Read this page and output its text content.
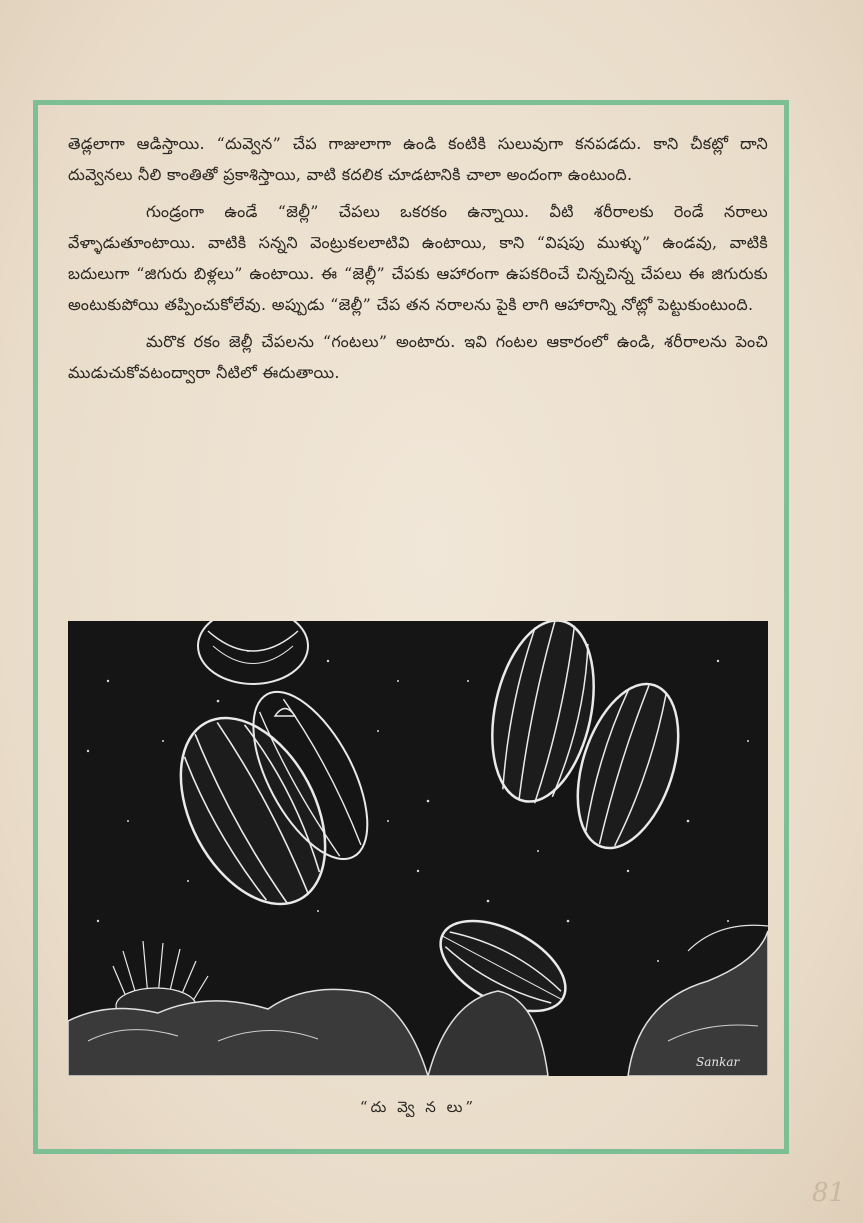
తెడ్లలాగా ఆడిస్తాయి. “దువ్వెన” చేప గాజులాగా ఉండి కంటికి సులువుగా కనపడదు. కాని చీకట్లో దాని దువ్వెనలు నీలి కాంతితో ప్రకాశిస్తాయి, వాటి కదలిక చూడటానికి చాలా అందంగా ఉంటుంది.

గుండ్రంగా ఉండే “జెల్లీ” చేపలు ఒకరకం ఉన్నాయి. వీటి శరీరాలకు రెండే నరాలు వేళ్ళాడుతూంటాయి. వాటికి సన్నని వెంట్రుకలలాటివి ఉంటాయి, కాని “విషపు ముళ్ళు” ఉండవు, వాటికి బదులుగా “జిగురు బిళ్లలు” ఉంటాయి. ఈ “జెల్లీ” చేపకు ఆహారంగా ఉపకరించే చిన్నచిన్న చేపలు ఈ జిగురుకు అంటుకుపోయి తప్పించుకోలేవు. అప్పుడు “జెల్లీ” చేప తన నరాలను పైకి లాగి ఆహారాన్ని నోట్లో పెట్టుకుంటుంది.

మరొక రకం జెల్లీ చేపలను “గంటలు” అంటారు. ఇవి గంటల ఆకారంలో ఉండి, శరీరాలను పెంచి ముడుచుకోవటంద్వారా నీటిలో ఈదుతాయి.

Sankar
“దు వ్వె న లు”
81
